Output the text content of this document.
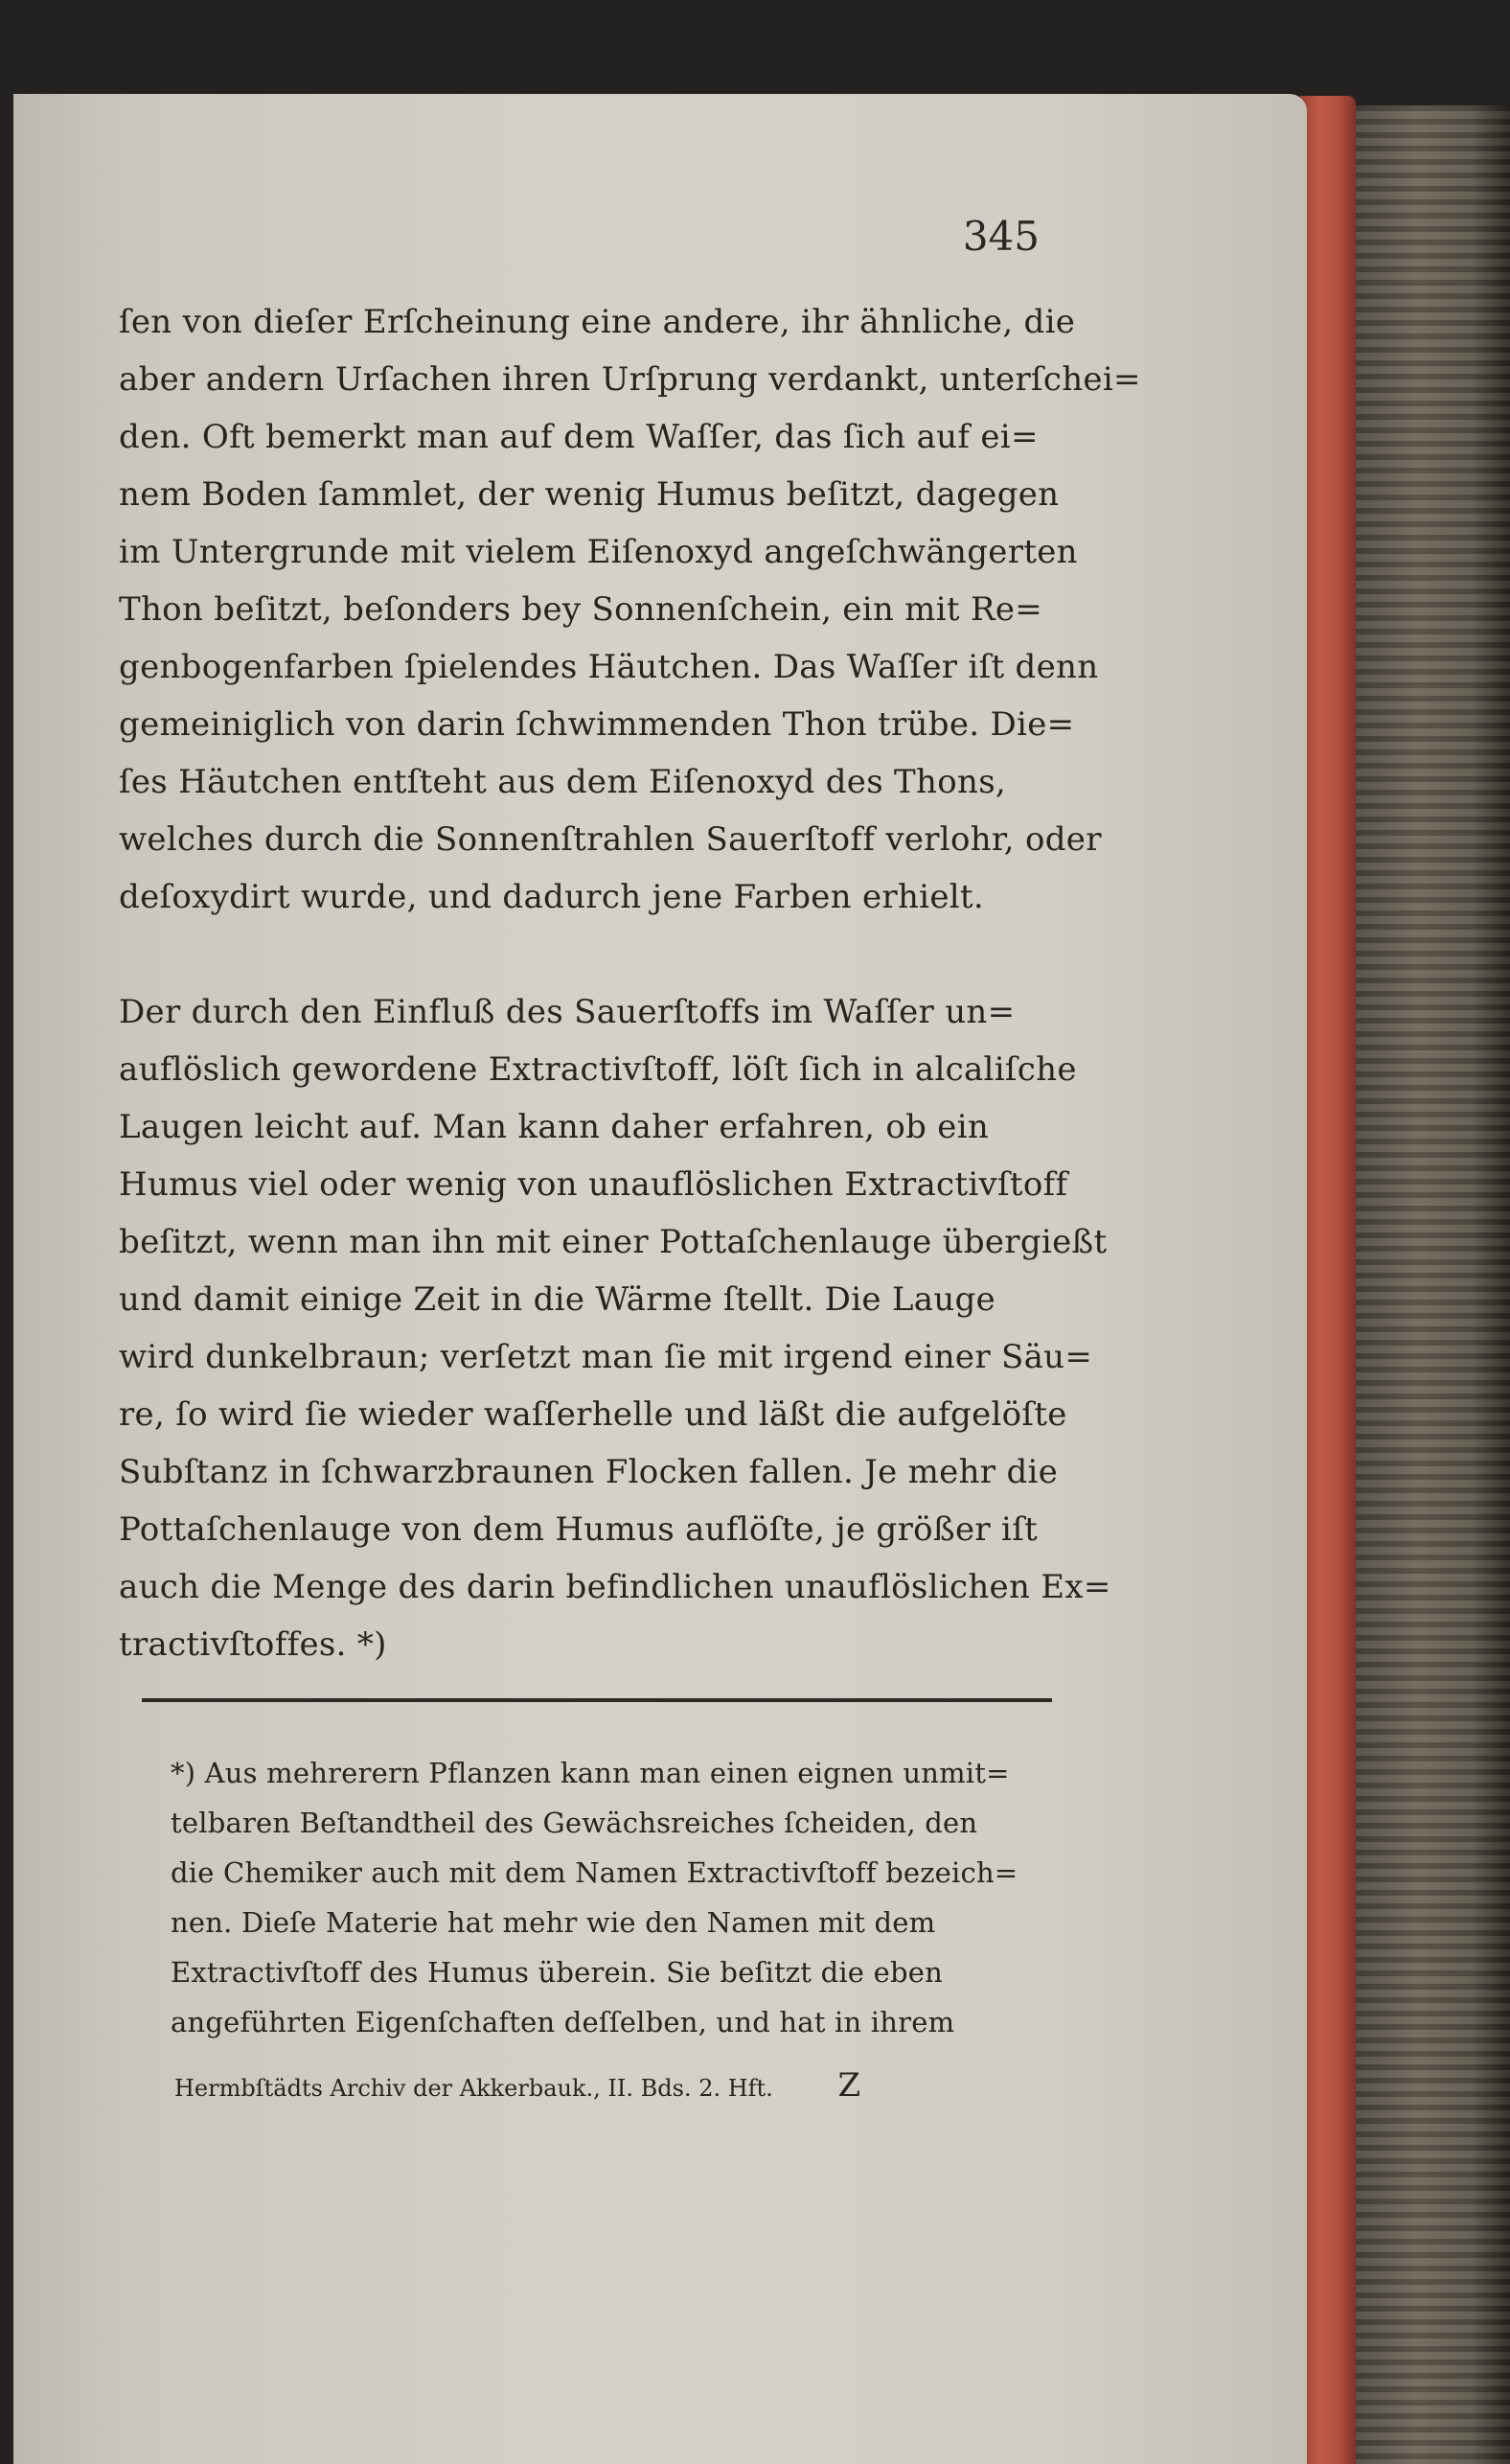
345
ſen von dieſer Erſcheinung eine andere, ihr ähnliche, die
aber andern Urſachen ihren Urſprung verdankt, unterſchei=
den. Oft bemerkt man auf dem Waſſer, das ſich auf ei=
nem Boden ſammlet, der wenig Humus beſitzt, dagegen
im Untergrunde mit vielem Eiſenoxyd angeſchwängerten
Thon beſitzt, beſonders bey Sonnenſchein, ein mit Re=
genbogenfarben ſpielendes Häutchen. Das Waſſer iſt denn
gemeiniglich von darin ſchwimmenden Thon trübe. Die=
ſes Häutchen entſteht aus dem Eiſenoxyd des Thons,
welches durch die Sonnenſtrahlen Sauerſtoff verlohr, oder
deſoxydirt wurde, und dadurch jene Farben erhielt.
Der durch den Einfluß des Sauerſtoffs im Waſſer un=
auflöslich gewordene Extractivſtoff, löſt ſich in alcaliſche
Laugen leicht auf. Man kann daher erfahren, ob ein
Humus viel oder wenig von unauflöslichen Extractivſtoff
beſitzt, wenn man ihn mit einer Pottaſchenlauge übergießt
und damit einige Zeit in die Wärme ſtellt. Die Lauge
wird dunkelbraun; verſetzt man ſie mit irgend einer Säu=
re, ſo wird ſie wieder waſſerhelle und läßt die aufgelöſte
Subſtanz in ſchwarzbraunen Flocken fallen. Je mehr die
Pottaſchenlauge von dem Humus auflöſte, je größer iſt
auch die Menge des darin befindlichen unauflöslichen Ex=
tractivſtoffes. *)
*) Aus mehrerern Pflanzen kann man einen eignen unmit=
telbaren Beſtandtheil des Gewächsreiches ſcheiden, den
die Chemiker auch mit dem Namen Extractivſtoff bezeich=
nen. Dieſe Materie hat mehr wie den Namen mit dem
Extractivſtoff des Humus überein. Sie beſitzt die eben
angeführten Eigenſchaften deſſelben, und hat in ihrem
Hermbſtädts Archiv der Akkerbauk., II. Bds. 2. Hft. Z
